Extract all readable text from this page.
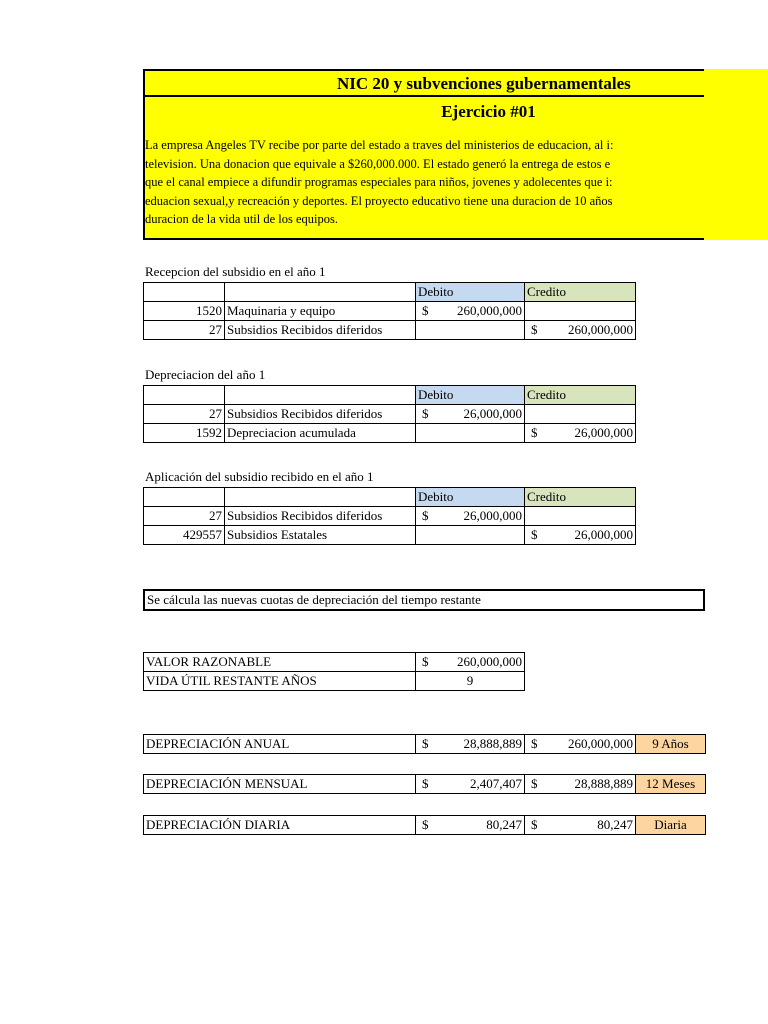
NIC 20 y subvenciones gubernamentales
Ejercicio #01
La empresa Angeles TV recibe por parte del estado a traves del ministerios de educacion, al i:
television. Una donacion que equivale a $260,000.000. El estado generó la entrega de estos e
que el canal empiece a difundir programas especiales para niños, jovenes y adolecentes que i:
eduacion sexual,y recreación y deportes. El proyecto educativo tiene una duracion de 10 años
duracion de la vida util de los equipos.
Recepcion del subsidio en el año 1
		Debito	Credito
1520	Maquinaria y equipo	$ 260,000,000	

27	Subsidios Recibidos diferidos		$ 260,000,000
Depreciacion del año 1
		Debito	Credito
27	Subsidios Recibidos diferidos	$ 26,000,000	

1592	Depreciacion acumulada		$ 26,000,000
Aplicación del subsidio recibido en el año 1
		Debito	Credito
27	Subsidios Recibidos diferidos	$ 26,000,000	

429557	Subsidios Estatales		$ 26,000,000
Se cálcula las nuevas cuotas de depreciación del tiempo restante
VALOR RAZONABLE	$ 260,000,000

VIDA ÚTIL RESTANTE AÑOS	9
DEPRECIACIÓN ANUAL	$	28,888,889	$ 260,000,000	9 Años
DEPRECIACIÓN MENSUAL	$	2,407,407	$	28,888,889	12 Meses
DEPRECIACIÓN DIARIA	$	80,247	$	80,247	Diaria
